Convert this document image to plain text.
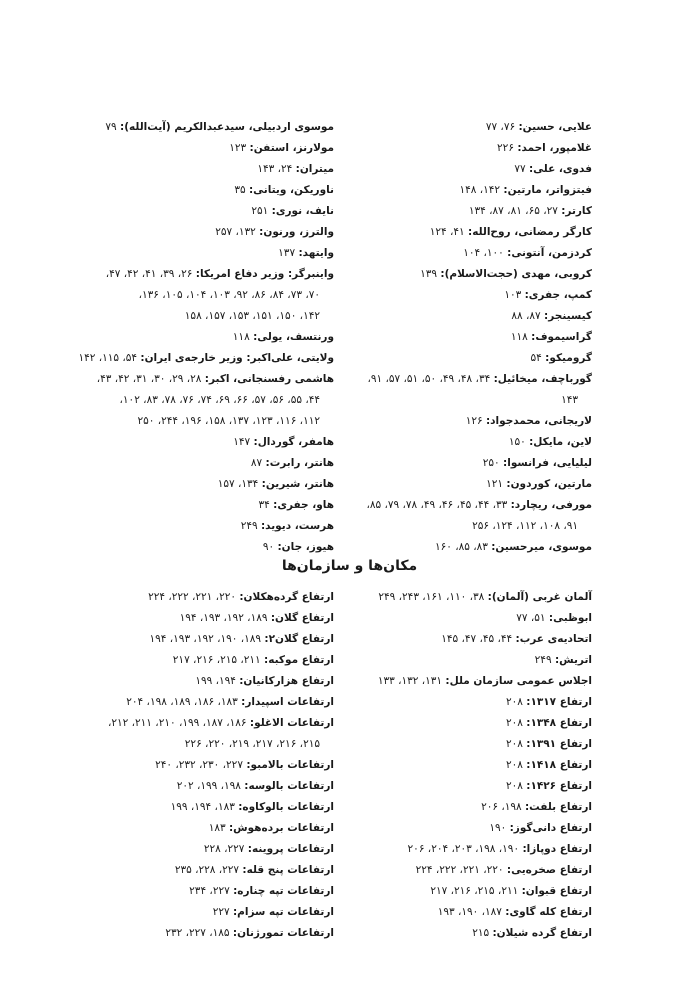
علایی، حسین: ۷۶، ۷۷
غلامپور، احمد: ۲۲۶
فدوی، علی: ۷۷
فیتزواتر، مارتین: ۱۴۲، ۱۴۸
کارتر: ۲۷، ۶۵، ۸۱، ۸۷، ۱۳۴
کارگر رمضانی، روح‌الله: ۴۱، ۱۲۴
کردزمن، آنتونی: ۱۰۰، ۱۰۴
کروبی، مهدی (حجت‌الاسلام): ۱۳۹
کمپ، جفری: ۱۰۳
کیسینجر: ۸۷، ۸۸
گراسیموف: ۱۱۸
گرومیکو: ۵۴
گورباچف، میخائیل: ۳۴، ۴۸، ۴۹، ۵۰، ۵۱، ۵۷، ۹۱،
۱۴۳
لاریجانی، محمدجواد: ۱۲۶
لاین، مایکل: ۱۵۰
لیلیایی، فرانسوا: ۲۵۰
مارتین، کوردون: ۱۲۱
مورفی، ریچارد: ۳۳، ۴۴، ۴۵، ۴۶، ۴۹، ۷۸، ۷۹، ۸۵،
۹۱، ۱۰۸، ۱۱۲، ۱۲۴، ۲۵۶
موسوی، میرحسین: ۸۳، ۸۵، ۱۶۰
موسوی اردبیلی، سیدعبدالکریم (آیت‌الله): ۷۹
مولارنز، استفن: ۱۲۳
میتران: ۲۴، ۱۴۳
ناوریکن، ویتانی: ۳۵
نایف، نوری: ۲۵۱
والترز، ورنون: ۱۳۲، ۲۵۷
وایتهد: ۱۳۷
واینبرگر: وزیر دفاع امریکا: ۲۶، ۳۹، ۴۱، ۴۲، ۴۷،
۷۰، ۷۳، ۸۴، ۸۶، ۹۲، ۱۰۳، ۱۰۴، ۱۰۵، ۱۳۶،
۱۴۲، ۱۵۰، ۱۵۱، ۱۵۳، ۱۵۷، ۱۵۸
ورنتسف، یولی: ۱۱۸
ولایتی، علی‌اکبر: وزیر خارجه‌ی ایران: ۵۴، ۱۱۵، ۱۴۲
هاشمی رفسنجانی، اکبر: ۲۸، ۲۹، ۳۰، ۳۱، ۴۲، ۴۳،
۴۴، ۵۵، ۵۶، ۵۷، ۶۶، ۶۹، ۷۴، ۷۶، ۷۸، ۸۳، ۱۰۲،
۱۱۲، ۱۱۶، ۱۲۳، ۱۳۷، ۱۵۸، ۱۹۶، ۲۴۴، ۲۵۰
هامفر، گوردال: ۱۴۷
هانتر، رابرت: ۸۷
هانتر، شیرین: ۱۳۴، ۱۵۷
هاو، جفری: ۳۴
هرست، دیوید: ۲۴۹
هیوز، جان: ۹۰
مکان‌ها و سازمان‌ها
آلمان غربی (آلمان): ۳۸، ۱۱۰، ۱۶۱، ۲۴۳، ۲۴۹
ابوظبی: ۵۱، ۷۷
اتحادیه‌ی عرب: ۴۴، ۴۵، ۴۷، ۱۴۵
اتریش: ۲۴۹
اجلاس عمومی سازمان ملل: ۱۳۱، ۱۳۲، ۱۳۳
ارتفاع ۱۳۱۷: ۲۰۸
ارتفاع ۱۳۴۸: ۲۰۸
ارتفاع ۱۳۹۱: ۲۰۸
ارتفاع ۱۴۱۸: ۲۰۸
ارتفاع ۱۴۲۶: ۲۰۸
ارتفاع بلفت: ۱۹۸، ۲۰۶
ارتفاع دانی‌گوز: ۱۹۰
ارتفاع دوپازا: ۱۹۰، ۱۹۸، ۲۰۳، ۲۰۴، ۲۰۶
ارتفاع صخره‌یی: ۲۲۰، ۲۲۱، ۲۲۲، ۲۲۴
ارتفاع قبوان: ۲۱۱، ۲۱۵، ۲۱۶، ۲۱۷
ارتفاع کله گاوی: ۱۸۷، ۱۹۰، ۱۹۳
ارتفاع گرده شیلان: ۲۱۵
ارتفاع گرده‌هکلان: ۲۲۰، ۲۲۱، ۲۲۲، ۲۲۴
ارتفاع گلان: ۱۸۹، ۱۹۲، ۱۹۳، ۱۹۴
ارتفاع گلان۲: ۱۸۹، ۱۹۰، ۱۹۲، ۱۹۳، ۱۹۴
ارتفاع موکبه: ۲۱۱، ۲۱۵، ۲۱۶، ۲۱۷
ارتفاع هزارکانیان: ۱۹۴، ۱۹۹
ارتفاعات اسپیدار: ۱۸۳، ۱۸۶، ۱۸۹، ۱۹۸، ۲۰۴
ارتفاعات الاغلو: ۱۸۶، ۱۸۷، ۱۹۹، ۲۱۰، ۲۱۱، ۲۱۲،
۲۱۵، ۲۱۶، ۲۱۷، ۲۱۹، ۲۲۰، ۲۲۶
ارتفاعات بالامبو: ۲۲۷، ۲۳۰، ۲۳۲، ۲۴۰
ارتفاعات بالوسه: ۱۹۸، ۱۹۹، ۲۰۲
ارتفاعات بالوکاوه: ۱۸۳، ۱۹۴، ۱۹۹
ارتفاعات برده‌هوش: ۱۸۳
ارتفاعات پروینه: ۲۲۷، ۲۲۸
ارتفاعات پنج قله: ۲۲۷، ۲۲۸، ۲۳۵
ارتفاعات تپه چناره: ۲۲۷، ۲۳۴
ارتفاعات تپه سزام: ۲۲۷
ارتفاعات تمورژنان: ۱۸۵، ۲۲۷، ۲۳۲
